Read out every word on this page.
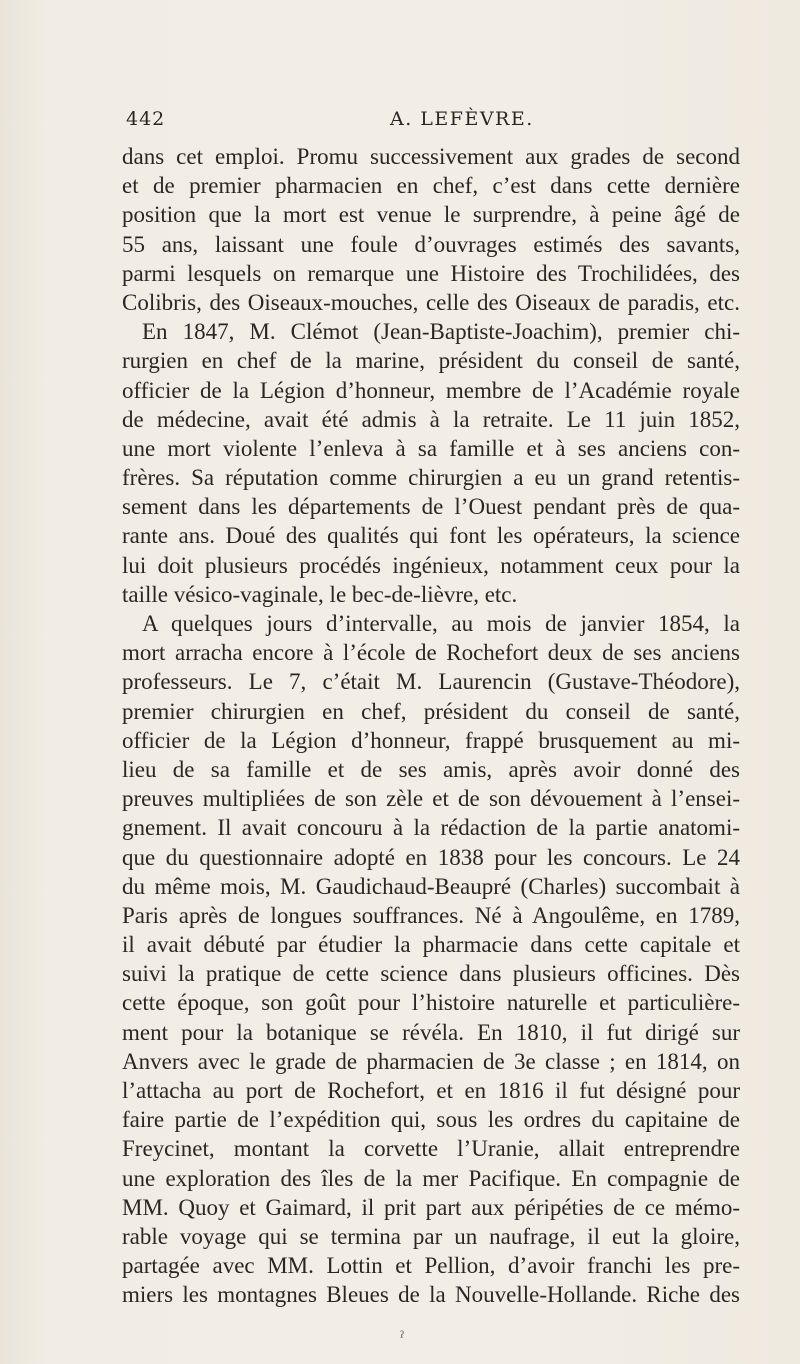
442	A. LEFÈVRE.
dans cet emploi. Promu successivement aux grades de second
et de premier pharmacien en chef, c’est dans cette dernière
position que la mort est venue le surprendre, à peine âgé de
55 ans, laissant une foule d’ouvrages estimés des savants,
parmi lesquels on remarque une Histoire des Trochilidées, des
Colibris, des Oiseaux-mouches, celle des Oiseaux de paradis, etc.
En 1847, M. Clémot (Jean-Baptiste-Joachim), premier chi-
rurgien en chef de la marine, président du conseil de santé,
officier de la Légion d’honneur, membre de l’Académie royale
de médecine, avait été admis à la retraite. Le 11 juin 1852,
une mort violente l’enleva à sa famille et à ses anciens con-
frères. Sa réputation comme chirurgien a eu un grand retentis-
sement dans les départements de l’Ouest pendant près de qua-
rante ans. Doué des qualités qui font les opérateurs, la science
lui doit plusieurs procédés ingénieux, notamment ceux pour la
taille vésico-vaginale, le bec-de-lièvre, etc.
A quelques jours d’intervalle, au mois de janvier 1854, la
mort arracha encore à l’école de Rochefort deux de ses anciens
professeurs. Le 7, c’était M. Laurencin (Gustave-Théodore),
premier chirurgien en chef, président du conseil de santé,
officier de la Légion d’honneur, frappé brusquement au mi-
lieu de sa famille et de ses amis, après avoir donné des
preuves multipliées de son zèle et de son dévouement à l’ensei-
gnement. Il avait concouru à la rédaction de la partie anatomi-
que du questionnaire adopté en 1838 pour les concours. Le 24
du même mois, M. Gaudichaud-Beaupré (Charles) succombait à
Paris après de longues souffrances. Né à Angoulême, en 1789,
il avait débuté par étudier la pharmacie dans cette capitale et
suivi la pratique de cette science dans plusieurs officines. Dès
cette époque, son goût pour l’histoire naturelle et particulière-
ment pour la botanique se révéla. En 1810, il fut dirigé sur
Anvers avec le grade de pharmacien de 3e classe ; en 1814, on
l’attacha au port de Rochefort, et en 1816 il fut désigné pour
faire partie de l’expédition qui, sous les ordres du capitaine de
Freycinet, montant la corvette l’Uranie, allait entreprendre
une exploration des îles de la mer Pacifique. En compagnie de
MM. Quoy et Gaimard, il prit part aux péripéties de ce mémo-
rable voyage qui se termina par un naufrage, il eut la gloire,
partagée avec MM. Lottin et Pellion, d’avoir franchi les pre-
miers les montagnes Bleues de la Nouvelle-Hollande. Riche des
ˀ
